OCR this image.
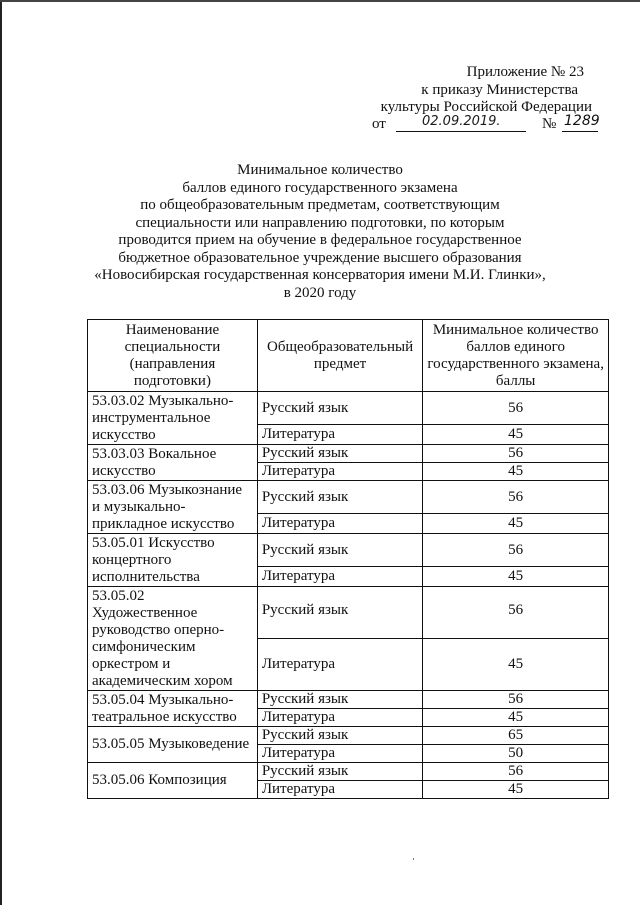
Приложение № 23
к приказу Министерства
культуры Российской Федерации
от	02.09.2019.	№ 1289
Минимальное количество
баллов единого государственного экзамена
по общеобразовательным предметам, соответствующим
специальности или направлению подготовки, по которым
проводится прием на обучение в федеральное государственное
бюджетное образовательное учреждение высшего образования
«Новосибирская государственная консерватория имени М.И. Глинки»,
в 2020 году
Наименование специальности (направления подготовки)	Общеобразовательный предмет	Минимальное количество баллов единого государственного экзамена, баллы
53.03.02 Музыкально-инструментальное искусство	Русский язык	56
	Литература	45
53.03.03 Вокальное искусство	Русский язык	56
	Литература	45
53.03.06 Музыкознание и музыкально-прикладное искусство	Русский язык	56
	Литература	45
53.05.01 Искусство концертного исполнительства	Русский язык	56
	Литература	45
53.05.02 Художественное руководство оперно-симфоническим оркестром и академическим хором	Русский язык	56
	Литература	45
53.05.04 Музыкально-театральное искусство	Русский язык	56
	Литература	45
53.05.05 Музыковедение	Русский язык	65
	Литература	50
53.05.06 Композиция	Русский язык	56
	Литература	45
